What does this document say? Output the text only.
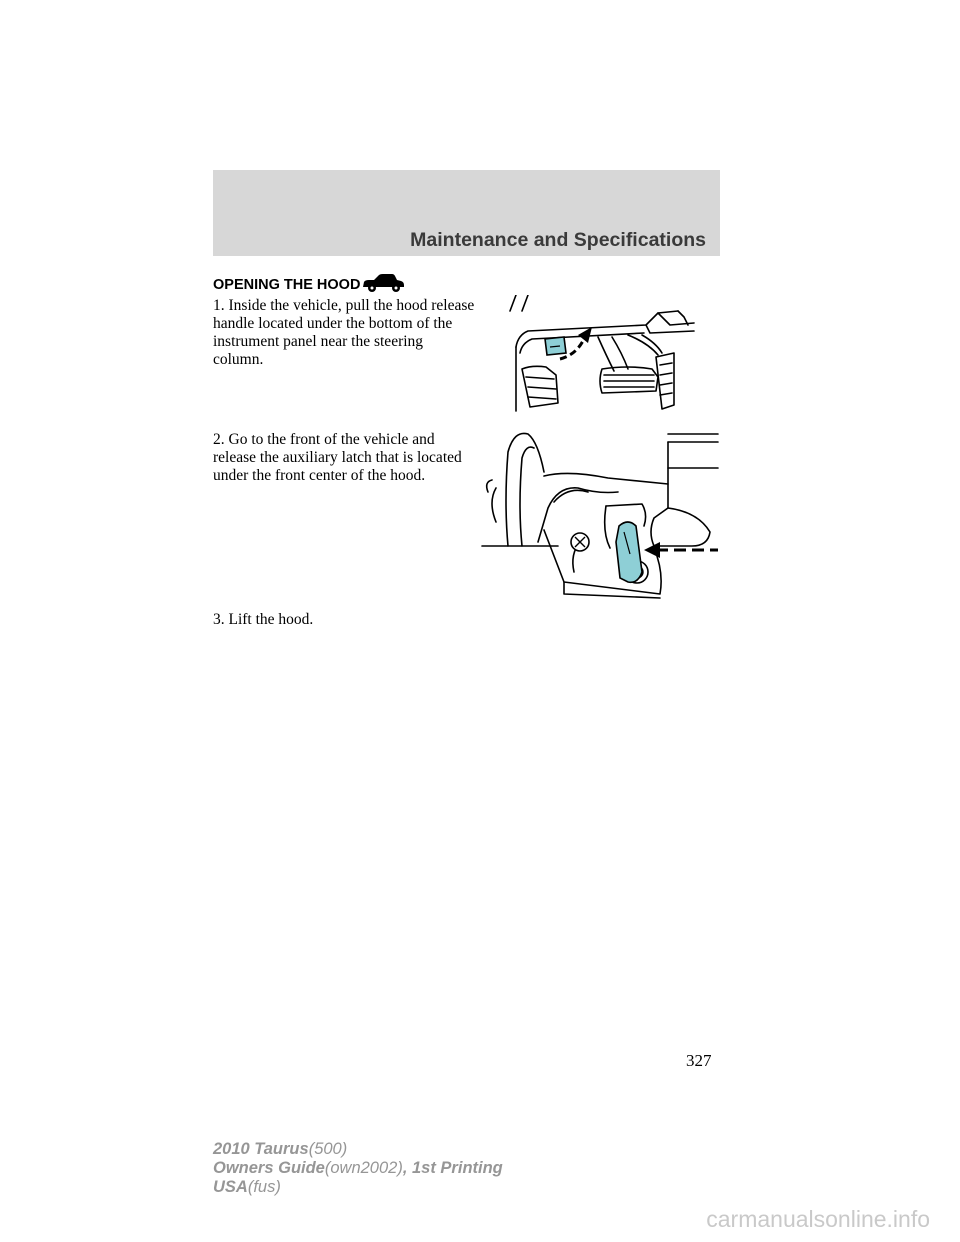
Maintenance and Specifications
OPENING THE HOOD
1. Inside the vehicle, pull the hood release handle located under the bottom of the instrument panel near the steering column.
2. Go to the front of the vehicle and release the auxiliary latch that is located under the front center of the hood.
3. Lift the hood.
327
2010 Taurus(500)
Owners Guide(own2002), 1st Printing
USA(fus)
carmanualsonline.info
